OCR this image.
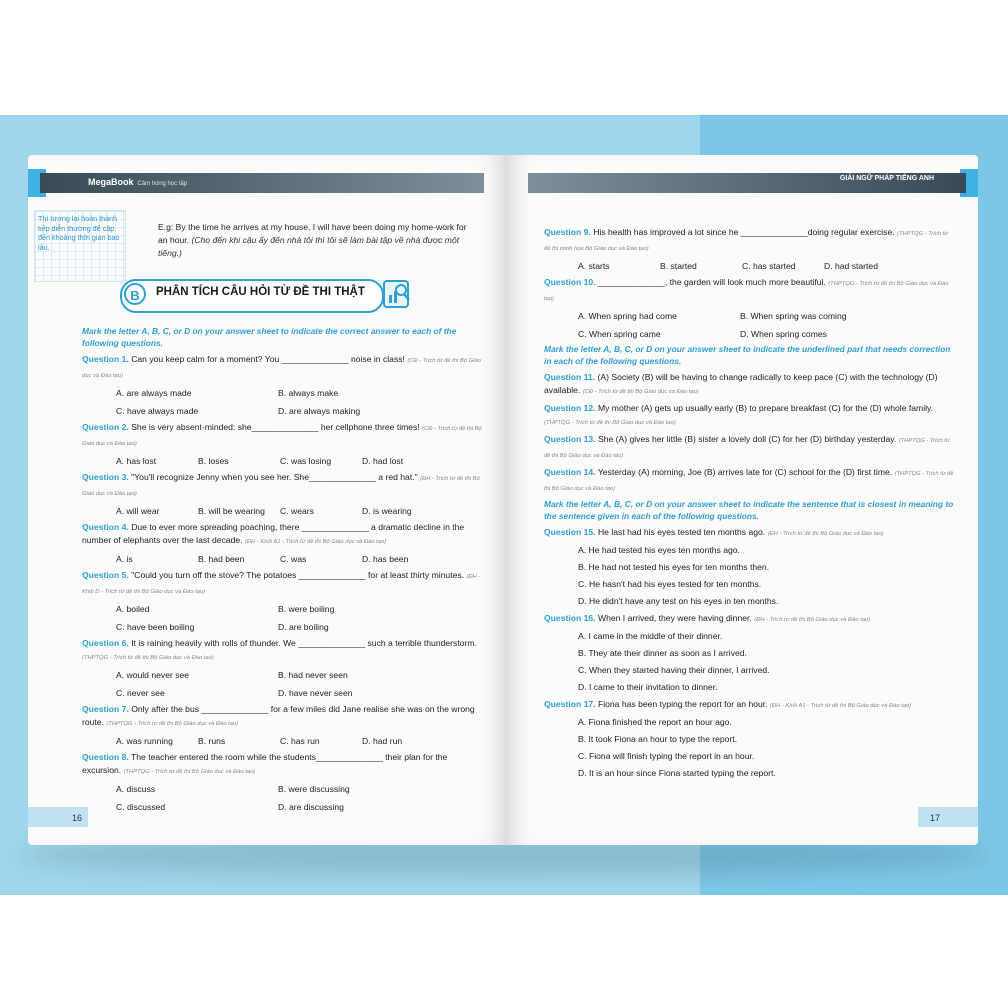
MegaBook Cảm hứng học tập
Thì tương lai hoàn thành tiếp diễn thường để cập đến khoảng thời gian bao lâu.
E.g: By the time he arrives at my house, I will have been doing my home-work for an hour. (Cho đến khi cậu ấy đến nhà tôi thì tôi sẽ làm bài tập về nhà được một tiếng.)
B	PHÂN TÍCH CÂU HỎI TỪ ĐỀ THI THẬT
Mark the letter A, B, C, or D on your answer sheet to indicate the correct answer to each of the following questions.
Question 1. Can you keep calm for a moment? You ______________ noise in class! (CĐ - Trích từ đề thi Bộ Giáo dục và Đào tạo)
A. are always made	B. always make
C. have always made	D. are always making
Question 2. She is very absent-minded: she______________ her cellphone three times! (CĐ - Trích từ đề thi Bộ Giáo dục và Đào tạo)
A. has lost	B. loses	C. was losing	D. had lost
Question 3. "You'll recognize Jenny when you see her. She______________ a red hat." (ĐH - Trích từ đề thi Bộ Giáo dục và Đào tạo)
A. will wear	B. will be wearing	C. wears	D. is wearing
Question 4. Due to ever more spreading poaching, there ______________ a dramatic decline in the number of elephants over the last decade. (ĐH - Khối A1 - Trích từ đề thi Bộ Giáo dục và Đào tạo)
A. is	B. had been	C. was	D. has been
Question 5. "Could you turn off the stove? The potatoes ______________ for at least thirty minutes. (ĐH - Khối D - Trích từ đề thi Bộ Giáo dục và Đào tạo)
A. boiled	B. were boiling
C. have been boiling	D. are boiling
Question 6. It is raining heavily with rolls of thunder. We ______________ such a terrible thunderstorm. (THPTQG - Trích từ đề thi Bộ Giáo dục và Đào tạo)
A. would never see	B. had never seen
C. never see	D. have never seen
Question 7. Only after the bus ______________ for a few miles did Jane realise she was on the wrong route. (THPTQG - Trích từ đề thi Bộ Giáo dục và Đào tạo)
A. was running	B. runs	C. has run	D. had run
Question 8. The teacher entered the room while the students______________ their plan for the excursion. (THPTQG - Trích từ đề thi Bộ Giáo dục và Đào tạo)
A. discuss	B. were discussing
C. discussed	D. are discussing
16
GIẢI NGỮ PHÁP TIẾNG ANH
Question 9. His health has improved a lot since he ______________doing regular exercise. (THPTQG - Trích từ đề thi minh họa Bộ Giáo dục và Đào tạo)
A. starts	B. started	C. has started	D. had started
Question 10. ______________, the garden will look much more beautiful. (THPTQG - Trích từ đề thi Bộ Giáo dục và Đào tạo)
A. When spring had come	B. When spring was coming
C. When spring came	D. When spring comes
Mark the letter A, B, C, or D on your answer sheet to indicate the underlined part that needs correction in each of the following questions.
Question 11. (A) Society (B) will be having to change radically to keep pace (C) with the technology (D) available. (CĐ - Trích từ đề thi Bộ Giáo dục và Đào tạo)
Question 12. My mother (A) gets up usually early (B) to prepare breakfast (C) for the (D) whole family. (THPTQG - Trích từ đề thi Bộ Giáo dục và Đào tạo)
Question 13. She (A) gives her little (B) sister a lovely doll (C) for her (D) birthday yesterday. (THPTQG - Trích từ đề thi Bộ Giáo dục và Đào tạo)
Question 14. Yesterday (A) morning, Joe (B) arrives late for (C) school for the (D) first time. (THPTQG - Trích từ đề thi Bộ Giáo dục và Đào tạo)
Mark the letter A, B, C, or D on your answer sheet to indicate the sentence that is closest in meaning to the sentence given in each of the following questions.
Question 15. He last had his eyes tested ten months ago. (ĐH - Trích từ đề thi Bộ Giáo dục và Đào tạo)
A. He had tested his eyes ten months ago.
B. He had not tested his eyes for ten months then.
C. He hasn't had his eyes tested for ten months.
D. He didn't have any test on his eyes in ten months.
Question 16. When I arrived, they were having dinner. (ĐH - Trích từ đề thi Bộ Giáo dục và Đào tạo)
A. I came in the middle of their dinner.
B. They ate their dinner as soon as I arrived.
C. When they started having their dinner, I arrived.
D. I came to their invitation to dinner.
Question 17. Fiona has been typing the report for an hour. (ĐH - Khối A1 - Trích từ đề thi Bộ Giáo dục và Đào tạo)
A. Fiona finished the report an hour ago.
B. It took Fiona an hour to type the report.
C. Fiona will finish typing the report in an hour.
D. It is an hour since Fiona started typing the report.
17
